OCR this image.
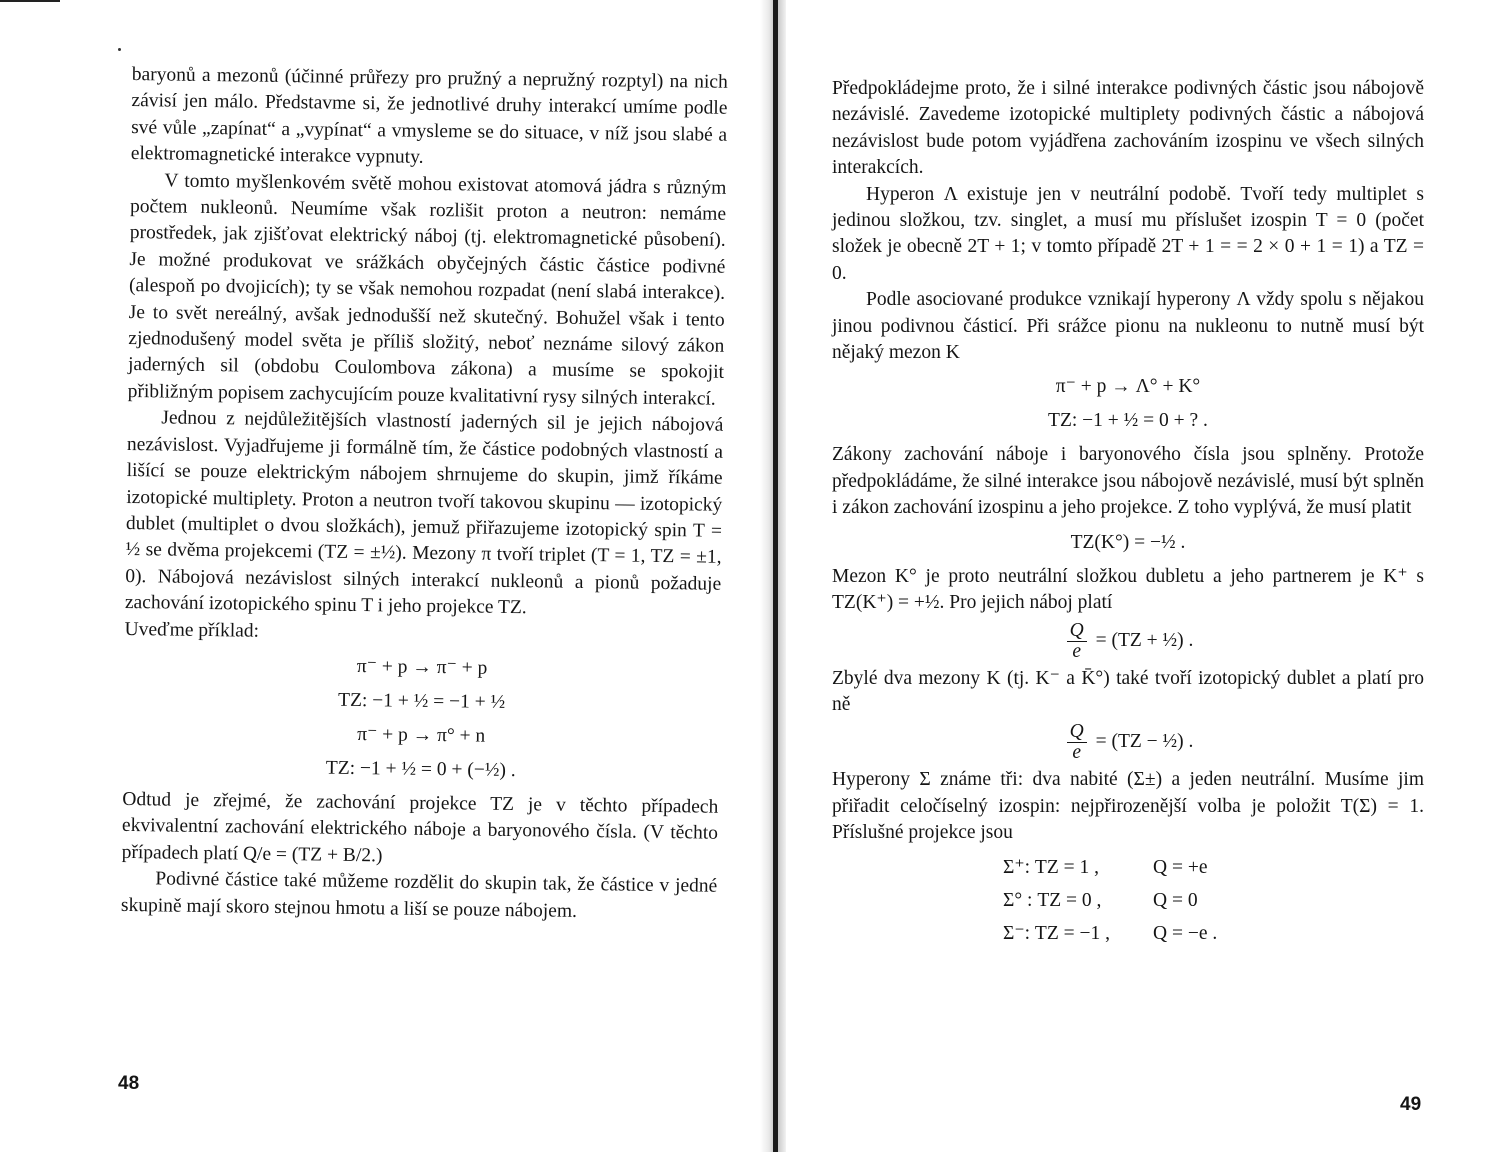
baryonů a mezonů (účinné průřezy pro pružný a nepružný rozptyl) na nich závisí jen málo. Představme si, že jednotlivé druhy interakcí umíme podle své vůle „zapínat“ a „vypínat“ a vmysleme se do situace, v níž jsou slabé a elektromagnetické interakce vypnuty.

V tomto myšlenkovém světě mohou existovat atomová jádra s různým počtem nukleonů. Neumíme však rozlišit proton a neutron: nemáme prostředek, jak zjišťovat elektrický náboj (tj. elektromagnetické působení). Je možné produkovat ve srážkách obyčejných částic částice podivné (alespoň po dvojicích); ty se však nemohou rozpadat (není slabá interakce). Je to svět nereálný, avšak jednodušší než skutečný. Bohužel však i tento zjednodušený model světa je příliš složitý, neboť neznáme silový zákon jaderných sil (obdobu Coulombova zákona) a musíme se spokojit přibližným popisem zachycujícím pouze kvalitativní rysy silných interakcí.

Jednou z nejdůležitějších vlastností jaderných sil je jejich nábojová nezávislost. Vyjadřujeme ji formálně tím, že částice podobných vlastností a lišící se pouze elektrickým nábojem shrnujeme do skupin, jimž říkáme izotopické multiplety. Proton a neutron tvoří takovou skupinu — izotopický dublet (multiplet o dvou složkách), jemuž přiřazujeme izotopický spin T = ½ se dvěma projekcemi (TZ = ±½). Mezony π tvoří triplet (T = 1, TZ = ±1, 0). Nábojová nezávislost silných interakcí nukleonů a pionů požaduje zachování izotopického spinu T i jeho projekce TZ.

Uveďme příklad:

π⁻ + p → π⁻ + p
TZ: −1 + ½ = −1 + ½
π⁻ + p → π° + n
TZ: −1 + ½ = 0 + (−½) .

Odtud je zřejmé, že zachování projekce TZ je v těchto případech ekvivalentní zachování elektrického náboje a baryonového čísla. (V těchto případech platí Q/e = (TZ + B/2.)

Podivné částice také můžeme rozdělit do skupin tak, že částice v jedné skupině mají skoro stejnou hmotu a liší se pouze nábojem.

48

Předpokládejme proto, že i silné interakce podivných částic jsou nábojově nezávislé. Zavedeme izotopické multiplety podivných částic a nábojová nezávislost bude potom vyjádřena zachováním izospinu ve všech silných interakcích.

Hyperon Λ existuje jen v neutrální podobě. Tvoří tedy multiplet s jedinou složkou, tzv. singlet, a musí mu příslušet izospin T = 0 (počet složek je obecně 2T + 1; v tomto případě 2T + 1 = = 2 × 0 + 1 = 1) a TZ = 0.

Podle asociované produkce vznikají hyperony Λ vždy spolu s nějakou jinou podivnou částicí. Při srážce pionu na nukleonu to nutně musí být nějaký mezon K

π⁻ + p → Λ° + K°
TZ: −1 + ½ = 0 + ? .

Zákony zachování náboje i baryonového čísla jsou splněny. Protože předpokládáme, že silné interakce jsou nábojově nezávislé, musí být splněn i zákon zachování izospinu a jeho projekce. Z toho vyplývá, že musí platit

TZ(K°) = −½ .

Mezon K° je proto neutrální složkou dubletu a jeho partnerem je K⁺ s TZ(K⁺) = +½. Pro jejich náboj platí

$\frac{Q}{e} = (TZ$ + ½) .

Zbylé dva mezony K (tj. K⁻ a K̄°) také tvoří izotopický dublet a platí pro ně

$\frac{Q}{e} = (TZ$ − ½) .

Hyperony Σ známe tři: dva nabité (Σ±) a jeden neutrální. Musíme jim přiřadit celočíselný izospin: nejpřirozenější volba je položit T(Σ) = 1. Příslušné projekce jsou

Σ⁺: TZ = 1 ,	Q = +e
Σ° : TZ = 0 ,	Q = 0
Σ⁻: TZ = −1 ,	Q = −e .
49
